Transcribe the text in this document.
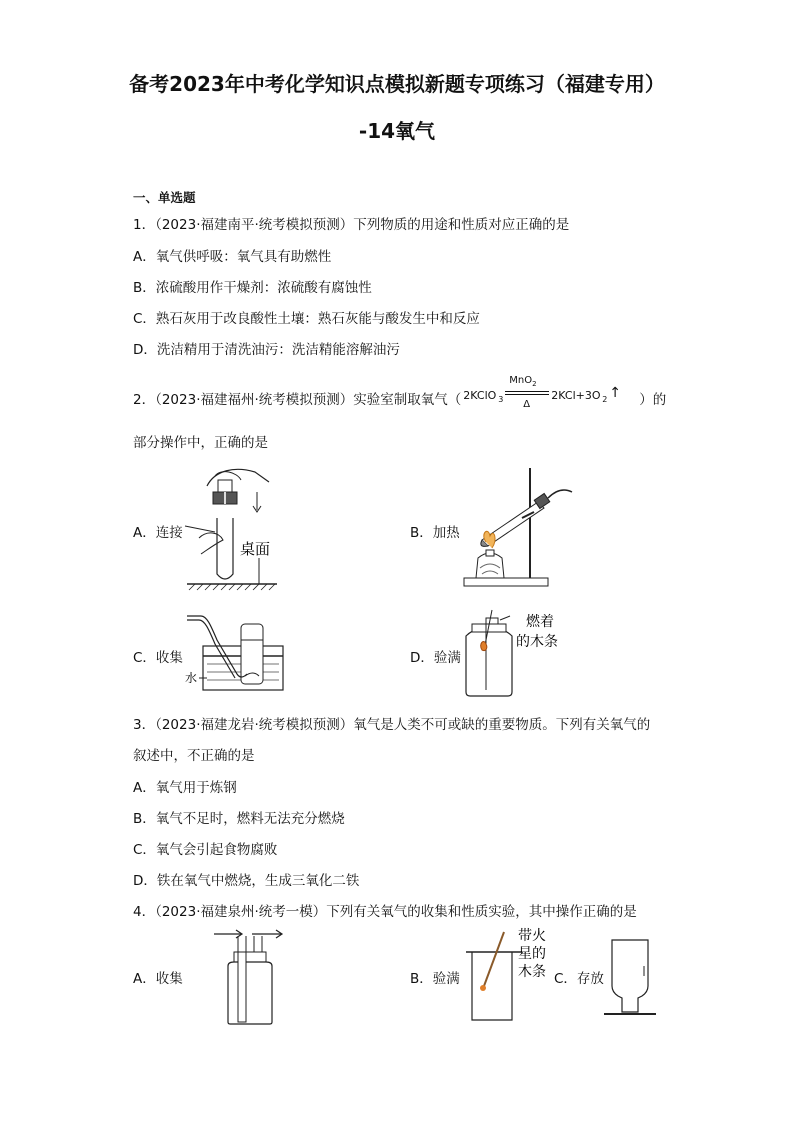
备考2023年中考化学知识点模拟新题专项练习（福建专用）
-14氧气
一、单选题
1．（2023·福建南平·统考模拟预测）下列物质的用途和性质对应正确的是
A．氧气供呼吸：氧气具有助燃性
B．浓硫酸用作干燥剂：浓硫酸有腐蚀性
C．熟石灰用于改良酸性土壤：熟石灰能与酸发生中和反应
D．洗洁精用于清洗油污：洗洁精能溶解油污
2．（2023·福建福州·统考模拟预测）实验室制取氧气（ 2KClO 3
MnO$_2$
Δ
2KCl+3O 2 ↑ ）的
部分操作中，正确的是
A．连接	B．加热
C．收集	D．验满
桌面
水
燃着
的木条
3．（2023·福建龙岩·统考模拟预测）氧气是人类不可或缺的重要物质。下列有关氧气的
叙述中，不正确的是
A．氧气用于炼钢
B．氧气不足时，燃料无法充分燃烧
C．氧气会引起食物腐败
D．铁在氧气中燃烧，生成三氧化二铁
4．（2023·福建泉州·统考一模）下列有关氧气的收集和性质实验，其中操作正确的是
A．收集	B．验满	C．存放
带火
星的
木条
